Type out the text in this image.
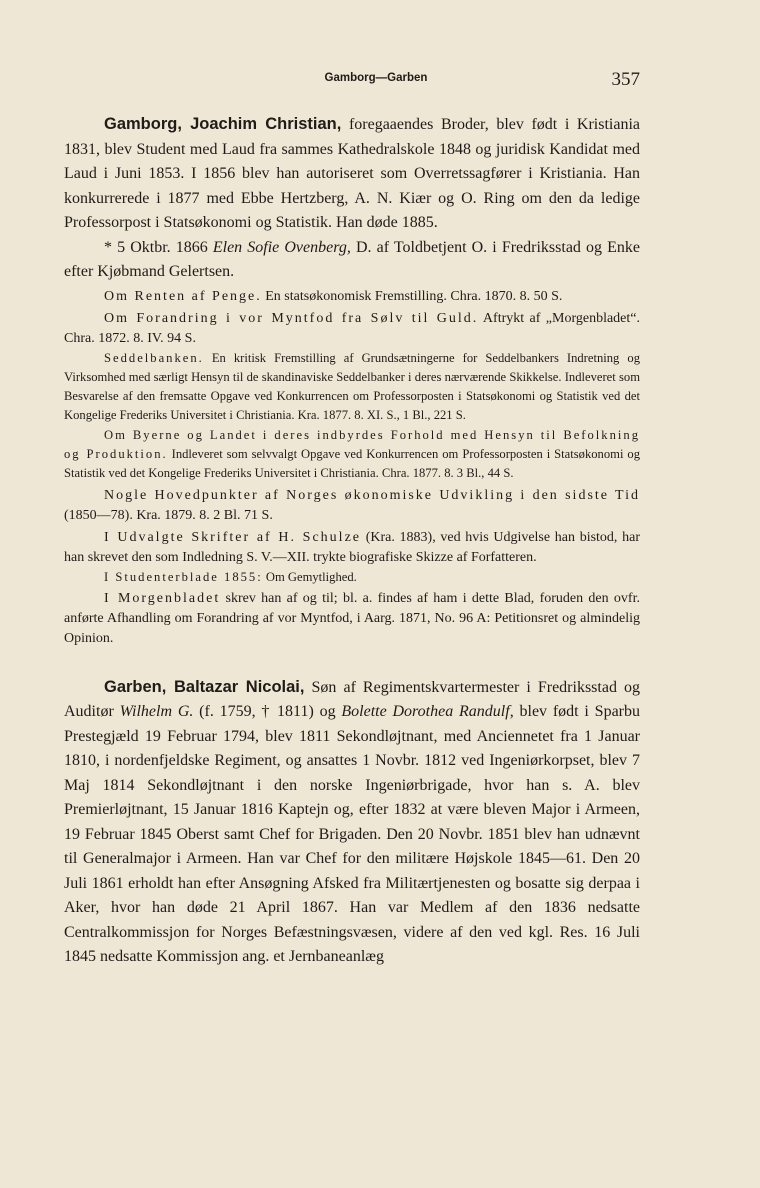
Gamborg—Garben	357

Gamborg, Joachim Christian, foregaaendes Broder, blev født i Kristiania 1831, blev Student med Laud fra sammes Kathedralskole 1848 og juridisk Kandidat med Laud i Juni 1853. I 1856 blev han autoriseret som Overretssagfører i Kristiania. Han konkurrerede i 1877 med Ebbe Hertzberg, A. N. Kiær og O. Ring om den da ledige Professorpost i Statsøkonomi og Statistik. Han døde 1885.

* 5 Oktbr. 1866 Elen Sofie Ovenberg, D. af Toldbetjent O. i Fredriksstad og Enke efter Kjøbmand Gelertsen.

Om Renten af Penge. En statsøkonomisk Fremstilling. Chra. 1870. 8. 50 S.

Om Forandring i vor Myntfod fra Sølv til Guld. Aftrykt af „Morgenbladet“. Chra. 1872. 8. IV. 94 S.

Seddelbanken. En kritisk Fremstilling af Grundsætningerne for Seddelbankers Indretning og Virksomhed med særligt Hensyn til de skandinaviske Seddelbanker i deres nærværende Skikkelse. Indleveret som Besvarelse af den fremsatte Opgave ved Konkurrencen om Professorposten i Statsøkonomi og Statistik ved det Kongelige Frederiks Universitet i Christiania. Kra. 1877. 8. XI. S., 1 Bl., 221 S.

Om Byerne og Landet i deres indbyrdes Forhold med Hensyn til Befolkning og Produktion. Indleveret som selvvalgt Opgave ved Konkurrencen om Professorposten i Statsøkonomi og Statistik ved det Kongelige Frederiks Universitet i Christiania. Chra. 1877. 8. 3 Bl., 44 S.

Nogle Hovedpunkter af Norges økonomiske Udvikling i den sidste Tid (1850—78). Kra. 1879. 8. 2 Bl. 71 S.

I Udvalgte Skrifter af H. Schulze (Kra. 1883), ved hvis Udgivelse han bistod, har han skrevet den som Indledning S. V.—XII. trykte biografiske Skizze af Forfatteren.

I Studenterblade 1855: Om Gemytlighed.

I Morgenbladet skrev han af og til; bl. a. findes af ham i dette Blad, foruden den ovfr. anførte Afhandling om Forandring af vor Myntfod, i Aarg. 1871, No. 96 A: Petitionsret og almindelig Opinion.

Garben, Baltazar Nicolai, Søn af Regimentskvartermester i Fredriksstad og Auditør Wilhelm G. (f. 1759, † 1811) og Bolette Dorothea Randulf, blev født i Sparbu Prestegjæld 19 Februar 1794, blev 1811 Sekondløjtnant, med Anciennetet fra 1 Januar 1810, i nordenfjeldske Regiment, og ansattes 1 Novbr. 1812 ved Ingeniørkorpset, blev 7 Maj 1814 Sekondløjtnant i den norske Ingeniørbrigade, hvor han s. A. blev Premierløjtnant, 15 Januar 1816 Kaptejn og, efter 1832 at være bleven Major i Armeen, 19 Februar 1845 Oberst samt Chef for Brigaden. Den 20 Novbr. 1851 blev han udnævnt til Generalmajor i Armeen. Han var Chef for den militære Højskole 1845—61. Den 20 Juli 1861 erholdt han efter Ansøgning Afsked fra Militærtjenesten og bosatte sig derpaa i Aker, hvor han døde 21 April 1867. Han var Medlem af den 1836 nedsatte Centralkommissjon for Norges Befæstningsvæsen, videre af den ved kgl. Res. 16 Juli 1845 nedsatte Kommissjon ang. et Jernbaneanlæg
